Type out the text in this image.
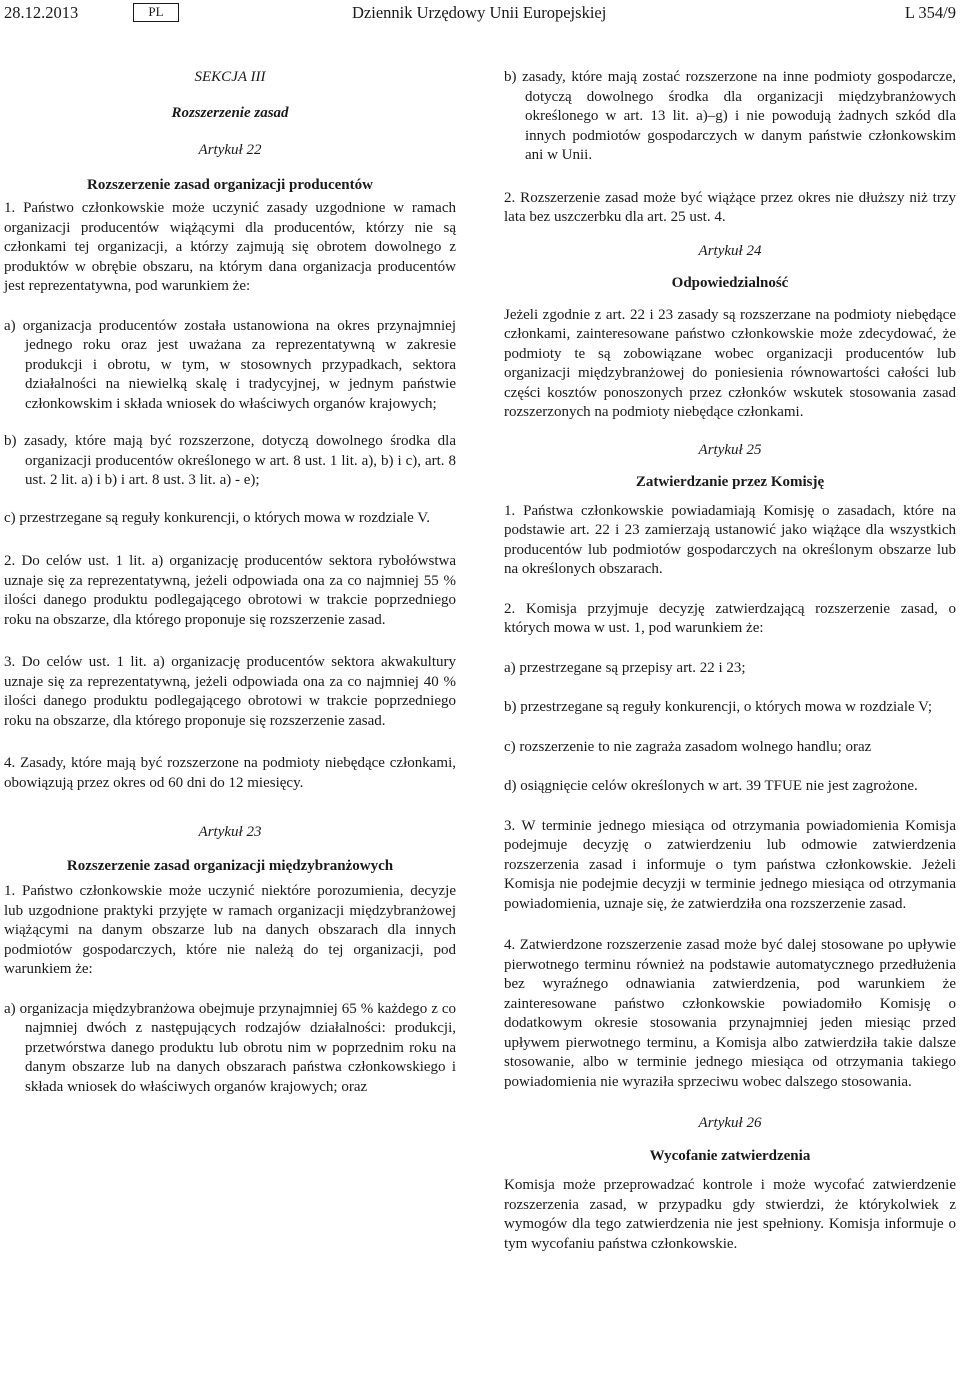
28.12.2013	PL	Dziennik Urzędowy Unii Europejskiej	L 354/9
SEKCJA III
Rozszerzenie zasad
Artykuł 22
Rozszerzenie zasad organizacji producentów

1. Państwo członkowskie może uczynić zasady uzgodnione w ramach organizacji producentów wiążącymi dla producentów, którzy nie są członkami tej organizacji, a którzy zajmują się obrotem dowolnego z produktów w obrębie obszaru, na którym dana organizacja producentów jest reprezentatywna, pod warunkiem że:

a) organizacja producentów została ustanowiona na okres przynajmniej jednego roku oraz jest uważana za reprezentatywną w zakresie produkcji i obrotu, w tym, w stosownych przypadkach, sektora działalności na niewielką skalę i tradycyjnej, w jednym państwie członkowskim i składa wniosek do właściwych organów krajowych;

b) zasady, które mają być rozszerzone, dotyczą dowolnego środka dla organizacji producentów określonego w art. 8 ust. 1 lit. a), b) i c), art. 8 ust. 2 lit. a) i b) i art. 8 ust. 3 lit. a) - e);

c) przestrzegane są reguły konkurencji, o których mowa w rozdziale V.

2. Do celów ust. 1 lit. a) organizację producentów sektora rybołówstwa uznaje się za reprezentatywną, jeżeli odpowiada ona za co najmniej 55 % ilości danego produktu podlegającego obrotowi w trakcie poprzedniego roku na obszarze, dla którego proponuje się rozszerzenie zasad.

3. Do celów ust. 1 lit. a) organizację producentów sektora akwakultury uznaje się za reprezentatywną, jeżeli odpowiada ona za co najmniej 40 % ilości danego produktu podlegającego obrotowi w trakcie poprzedniego roku na obszarze, dla którego proponuje się rozszerzenie zasad.

4. Zasady, które mają być rozszerzone na podmioty niebędące członkami, obowiązują przez okres od 60 dni do 12 miesięcy.

Artykuł 23
Rozszerzenie zasad organizacji międzybranżowych

1. Państwo członkowskie może uczynić niektóre porozumienia, decyzje lub uzgodnione praktyki przyjęte w ramach organizacji międzybranżowej wiążącymi na danym obszarze lub na danych obszarach dla innych podmiotów gospodarczych, które nie należą do tej organizacji, pod warunkiem że:

a) organizacja międzybranżowa obejmuje przynajmniej 65 % każdego z co najmniej dwóch z następujących rodzajów działalności: produkcji, przetwórstwa danego produktu lub obrotu nim w poprzednim roku na danym obszarze lub na danych obszarach państwa członkowskiego i składa wniosek do właściwych organów krajowych; oraz

b) zasady, które mają zostać rozszerzone na inne podmioty gospodarcze, dotyczą dowolnego środka dla organizacji międzybranżowych określonego w art. 13 lit. a)–g) i nie powodują żadnych szkód dla innych podmiotów gospodarczych w danym państwie członkowskim ani w Unii.

2. Rozszerzenie zasad może być wiążące przez okres nie dłuższy niż trzy lata bez uszczerbku dla art. 25 ust. 4.

Artykuł 24
Odpowiedzialność

Jeżeli zgodnie z art. 22 i 23 zasady są rozszerzane na podmioty niebędące członkami, zainteresowane państwo członkowskie może zdecydować, że podmioty te są zobowiązane wobec organizacji producentów lub organizacji międzybranżowej do poniesienia równowartości całości lub części kosztów ponoszonych przez członków wskutek stosowania zasad rozszerzonych na podmioty niebędące członkami.

Artykuł 25
Zatwierdzanie przez Komisję

1. Państwa członkowskie powiadamiają Komisję o zasadach, które na podstawie art. 22 i 23 zamierzają ustanowić jako wiążące dla wszystkich producentów lub podmiotów gospodarczych na określonym obszarze lub na określonych obszarach.

2. Komisja przyjmuje decyzję zatwierdzającą rozszerzenie zasad, o których mowa w ust. 1, pod warunkiem że:

a) przestrzegane są przepisy art. 22 i 23;

b) przestrzegane są reguły konkurencji, o których mowa w rozdziale V;

c) rozszerzenie to nie zagraża zasadom wolnego handlu; oraz

d) osiągnięcie celów określonych w art. 39 TFUE nie jest zagrożone.

3. W terminie jednego miesiąca od otrzymania powiadomienia Komisja podejmuje decyzję o zatwierdzeniu lub odmowie zatwierdzenia rozszerzenia zasad i informuje o tym państwa członkowskie. Jeżeli Komisja nie podejmie decyzji w terminie jednego miesiąca od otrzymania powiadomienia, uznaje się, że zatwierdziła ona rozszerzenie zasad.

4. Zatwierdzone rozszerzenie zasad może być dalej stosowane po upływie pierwotnego terminu również na podstawie automatycznego przedłużenia bez wyraźnego odnawiania zatwierdzenia, pod warunkiem że zainteresowane państwo członkowskie powiadomiło Komisję o dodatkowym okresie stosowania przynajmniej jeden miesiąc przed upływem pierwotnego terminu, a Komisja albo zatwierdziła takie dalsze stosowanie, albo w terminie jednego miesiąca od otrzymania takiego powiadomienia nie wyraziła sprzeciwu wobec dalszego stosowania.

Artykuł 26
Wycofanie zatwierdzenia

Komisja może przeprowadzać kontrole i może wycofać zatwierdzenie rozszerzenia zasad, w przypadku gdy stwierdzi, że którykolwiek z wymogów dla tego zatwierdzenia nie jest spełniony. Komisja informuje o tym wycofaniu państwa członkowskie.
